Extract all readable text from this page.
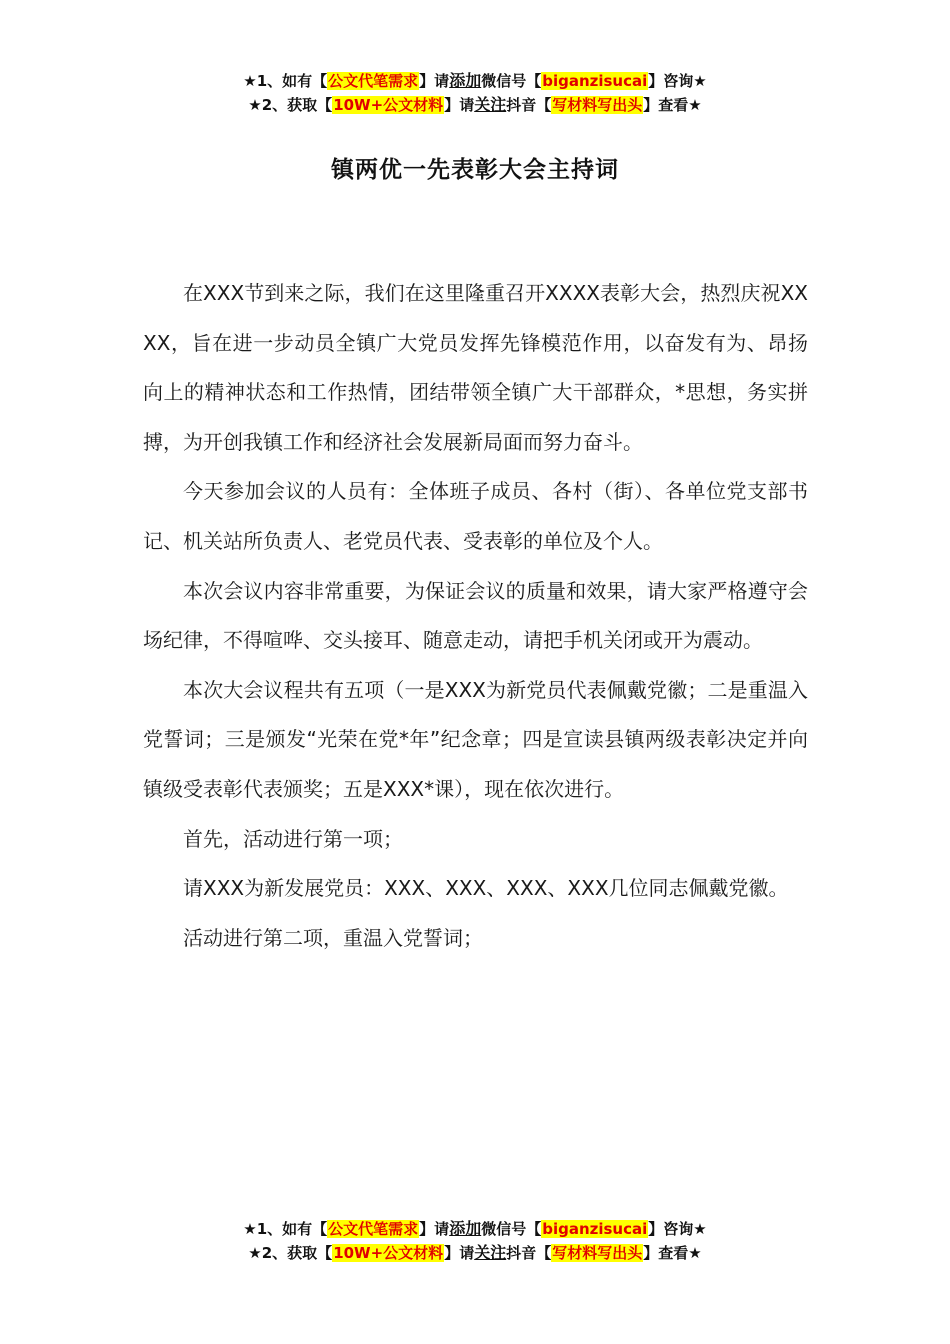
★1、如有【公文代笔需求】请添加微信号【biganzisucai】咨询★
★2、获取【10W+公文材料】请关注抖音【写材料写出头】查看★
镇两优一先表彰大会主持词

在XXX节到来之际，我们在这里隆重召开XXXX表彰大会，热烈庆祝XXXX，旨在进一步动员全镇广大党员发挥先锋模范作用，以奋发有为、昂扬向上的精神状态和工作热情，团结带领全镇广大干部群众，*思想，务实拼搏，为开创我镇工作和经济社会发展新局面而努力奋斗。

今天参加会议的人员有：全体班子成员、各村（街）、各单位党支部书记、机关站所负责人、老党员代表、受表彰的单位及个人。

本次会议内容非常重要，为保证会议的质量和效果，请大家严格遵守会场纪律，不得喧哗、交头接耳、随意走动，请把手机关闭或开为震动。

本次大会议程共有五项（一是XXX为新党员代表佩戴党徽；二是重温入党誓词；三是颁发“光荣在党*年”纪念章；四是宣读县镇两级表彰决定并向镇级受表彰代表颁奖；五是XXX*课），现在依次进行。

首先，活动进行第一项；

请XXX为新发展党员：XXX、XXX、XXX、XXX几位同志佩戴党徽。

活动进行第二项，重温入党誓词；

★1、如有【公文代笔需求】请添加微信号【biganzisucai】咨询★
★2、获取【10W+公文材料】请关注抖音【写材料写出头】查看★
